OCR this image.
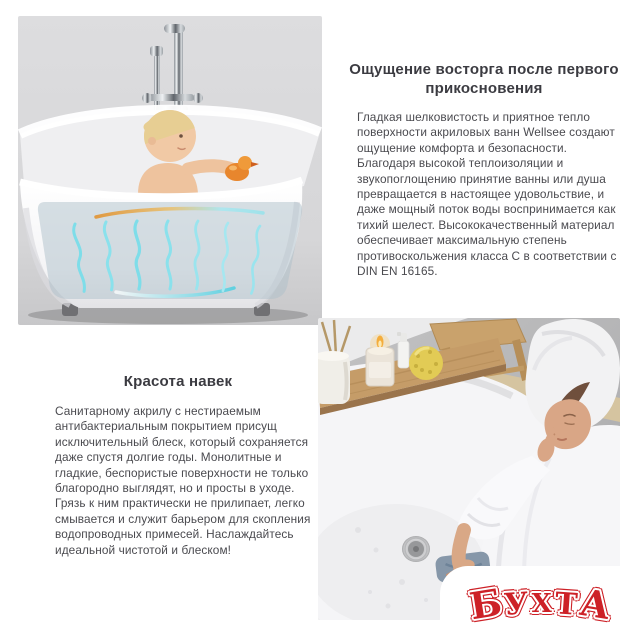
Ощущение восторга после первого прикосновения

Гладкая шелковистость и приятное тепло поверхности акриловых ванн Wellsee создают ощущение комфорта и безопасности. Благодаря высокой теплоизоляции и звукопоглощению принятие ванны или душа превращается в настоящее удовольствие, и даже мощный поток воды воспринимается как тихий шелест. Высококачественный материал обеспечивает максимальную степень противоскольжения класса С в соответствии с DIN EN 16165.

Красота навек

Санитарному акрилу с нестираемым антибактериальным покрытием присущ исключительный блеск, который сохраняется даже спустя долгие годы. Монолитные и гладкие, беспористые поверхности не только благородно выглядят, но и просты в уходе. Грязь к ним практически не прилипает, легко смывается и служит барьером для скопления водопроводных примесей. Наслаждайтесь идеальной чистотой и блеском!

Б
У Х Т
А
